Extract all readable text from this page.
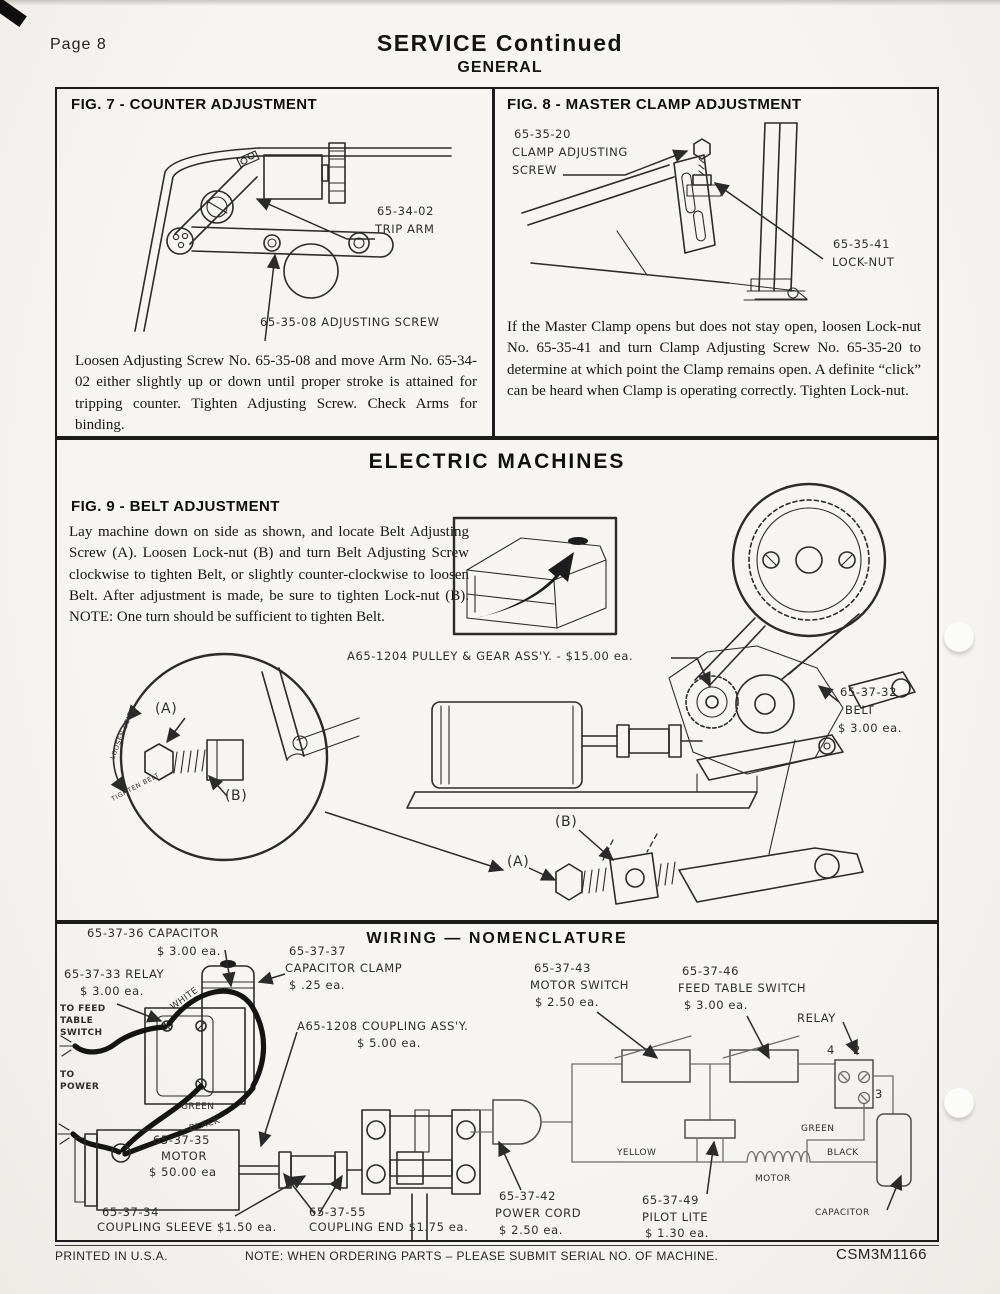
Page 8	SERVICE Continued
GENERAL
FIG. 7 - COUNTER ADJUSTMENT
65-34-02
TRIP ARM
65-35-08 ADJUSTING SCREW
Loosen Adjusting Screw No. 65-35-08 and move Arm No. 65-34-02 either slightly up or down until proper stroke is attained for tripping counter. Tighten Adjusting Screw. Check Arms for binding.
FIG. 8 - MASTER CLAMP ADJUSTMENT
65-35-20
CLAMP ADJUSTING
SCREW
65-35-41
LOCK-NUT
If the Master Clamp opens but does not stay open, loosen Lock-nut No. 65-35-41 and turn Clamp Adjusting Screw No. 65-35-20 to determine at which point the Clamp remains open. A definite “click” can be heard when Clamp is operating correctly. Tighten Lock-nut.
ELECTRIC MACHINES
FIG. 9 - BELT ADJUSTMENT
Lay machine down on side as shown, and locate Belt Adjusting Screw (A). Loosen Lock-nut (B) and turn Belt Adjusting Screw clockwise to tighten Belt, or slightly counter-clockwise to loosen Belt. After adjustment is made, be sure to tighten Lock-nut (B). NOTE: One turn should be sufficient to tighten Belt.
A65-1204 PULLEY & GEAR ASS'Y. - $15.00 ea.
65-37-32
BELT
$ 3.00 ea.
(A)
(B)
(B)
(A)
LOOSEN BELT
TIGHTEN BELT
WIRING — NOMENCLATURE
65-37-36 CAPACITOR
$ 3.00 ea.	65-37-37
CAPACITOR CLAMP
$ .25 ea.
65-37-33 RELAY
$ 3.00 ea.
TO FEED
TABLE
SWITCH
TO
POWER
A65-1208 COUPLING ASS'Y.
$ 5.00 ea.
65-37-35
MOTOR
$ 50.00 ea
65-37-34
COUPLING SLEEVE $1.50 ea.
65-37-55
COUPLING END $1.75 ea.
WHITE
GREEN
BLACK
65-37-43
MOTOR SWITCH
$ 2.50 ea.
65-37-46
FEED TABLE SWITCH
$ 3.00 ea.
RELAY
4 2
3
GREEN
YELLOW	BLACK
MOTOR
CAPACITOR
65-37-42
POWER CORD
$ 2.50 ea.
65-37-49
PILOT LITE
$ 1.30 ea.
PRINTED IN U.S.A.	NOTE: WHEN ORDERING PARTS – PLEASE SUBMIT SERIAL NO. OF MACHINE.	CSM3M1166
